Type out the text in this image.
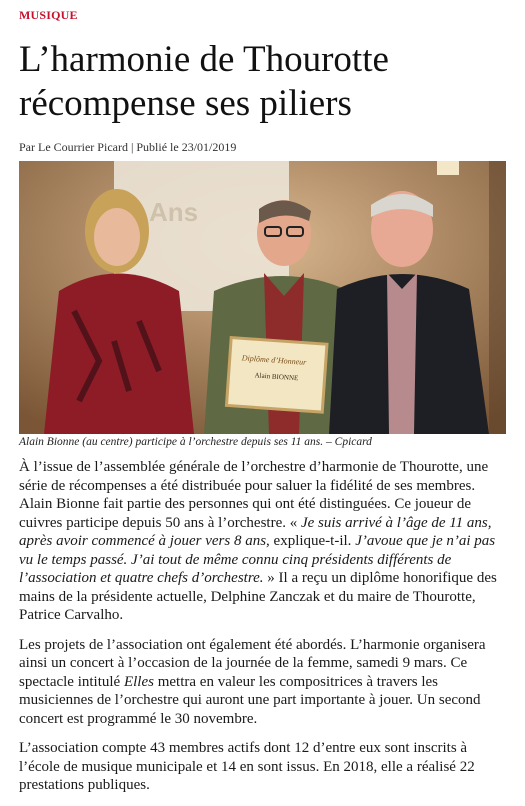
MUSIQUE
L’harmonie de Thourotte récompense ses piliers
Par Le Courrier Picard | Publié le 23/01/2019
Ans
Diplôme d’Honneur
Alain BIONNE
Alain Bionne (au centre) participe à l’orchestre depuis ses 11 ans. – Cpicard

À l’issue de l’assemblée générale de l’orchestre d’harmonie de Thourotte, une série de récompenses a été distribuée pour saluer la fidélité de ses membres. Alain Bionne fait partie des personnes qui ont été distinguées. Ce joueur de cuivres participe depuis 50 ans à l’orchestre. « Je suis arrivé à l’âge de 11 ans, après avoir commencé à jouer vers 8 ans, explique-t-il. J’avoue que je n’ai pas vu le temps passé. J’ai tout de même connu cinq présidents différents de l’association et quatre chefs d’orchestre. » Il a reçu un diplôme honorifique des mains de la présidente actuelle, Delphine Zanczak et du maire de Thourotte, Patrice Carvalho.

Les projets de l’association ont également été abordés. L’harmonie organisera ainsi un concert à l’occasion de la journée de la femme, samedi 9 mars. Ce spectacle intitulé Elles mettra en valeur les compositrices à travers les musiciennes de l’orchestre qui auront une part importante à jouer. Un second concert est programmé le 30 novembre.

L’association compte 43 membres actifs dont 12 d’entre eux sont inscrits à l’école de musique municipale et 14 en sont issus. En 2018, elle a réalisé 22 prestations publiques.
